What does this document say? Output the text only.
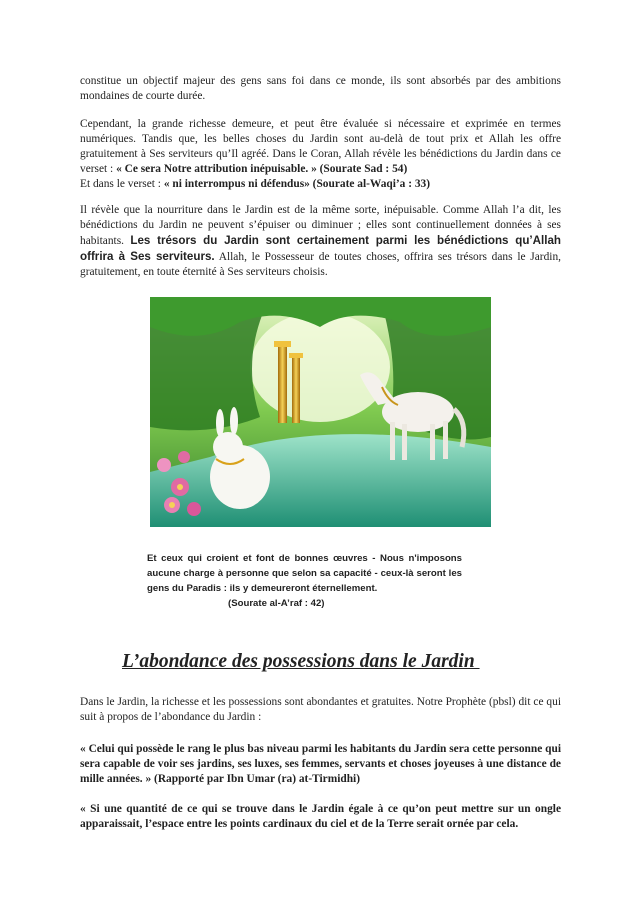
constitue un objectif majeur des gens sans foi dans ce monde, ils sont absorbés par des ambitions mondaines de courte durée.

Cependant, la grande richesse demeure, et peut être évaluée si nécessaire et exprimée en termes numériques. Tandis que, les belles choses du Jardin sont au-delà de tout prix et Allah les offre gratuitement à Ses serviteurs qu’Il agréé. Dans le Coran, Allah révèle les bénédictions du Jardin dans ce verset : « Ce sera Notre attribution inépuisable. » (Sourate Sad : 54)
Et dans le verset : « ni interrompus ni défendus» (Sourate al-Waqi’a : 33)

Il révèle que la nourriture dans le Jardin est de la même sorte, inépuisable. Comme Allah l’a dit, les bénédictions du Jardin ne peuvent s’épuiser ou diminuer ; elles sont continuellement données à ses habitants. Les trésors du Jardin sont certainement parmi les bénédictions qu’Allah offrira à Ses serviteurs. Allah, le Possesseur de toutes choses, offrira ses trésors dans le Jardin, gratuitement, en toute éternité à Ses serviteurs choisis.

Et ceux qui croient et font de bonnes œuvres - Nous n'imposons aucune charge à personne que selon sa capacité - ceux-là seront les gens du Paradis : ils y demeureront éternellement.
(Sourate al-A’raf : 42)
L’abondance des possessions dans le Jardin

Dans le Jardin, la richesse et les possessions sont abondantes et gratuites. Notre Prophète (pbsl) dit ce qui suit à propos de l’abondance du Jardin :

« Celui qui possède le rang le plus bas niveau parmi les habitants du Jardin sera cette personne qui sera capable de voir ses jardins, ses luxes, ses femmes, servants et choses joyeuses à une distance de mille années. » (Rapporté par Ibn Umar (ra) at-Tirmidhi)

« Si une quantité de ce qui se trouve dans le Jardin égale à ce qu’on peut mettre sur un ongle apparaissait, l’espace entre les points cardinaux du ciel et de la Terre serait ornée par cela.
